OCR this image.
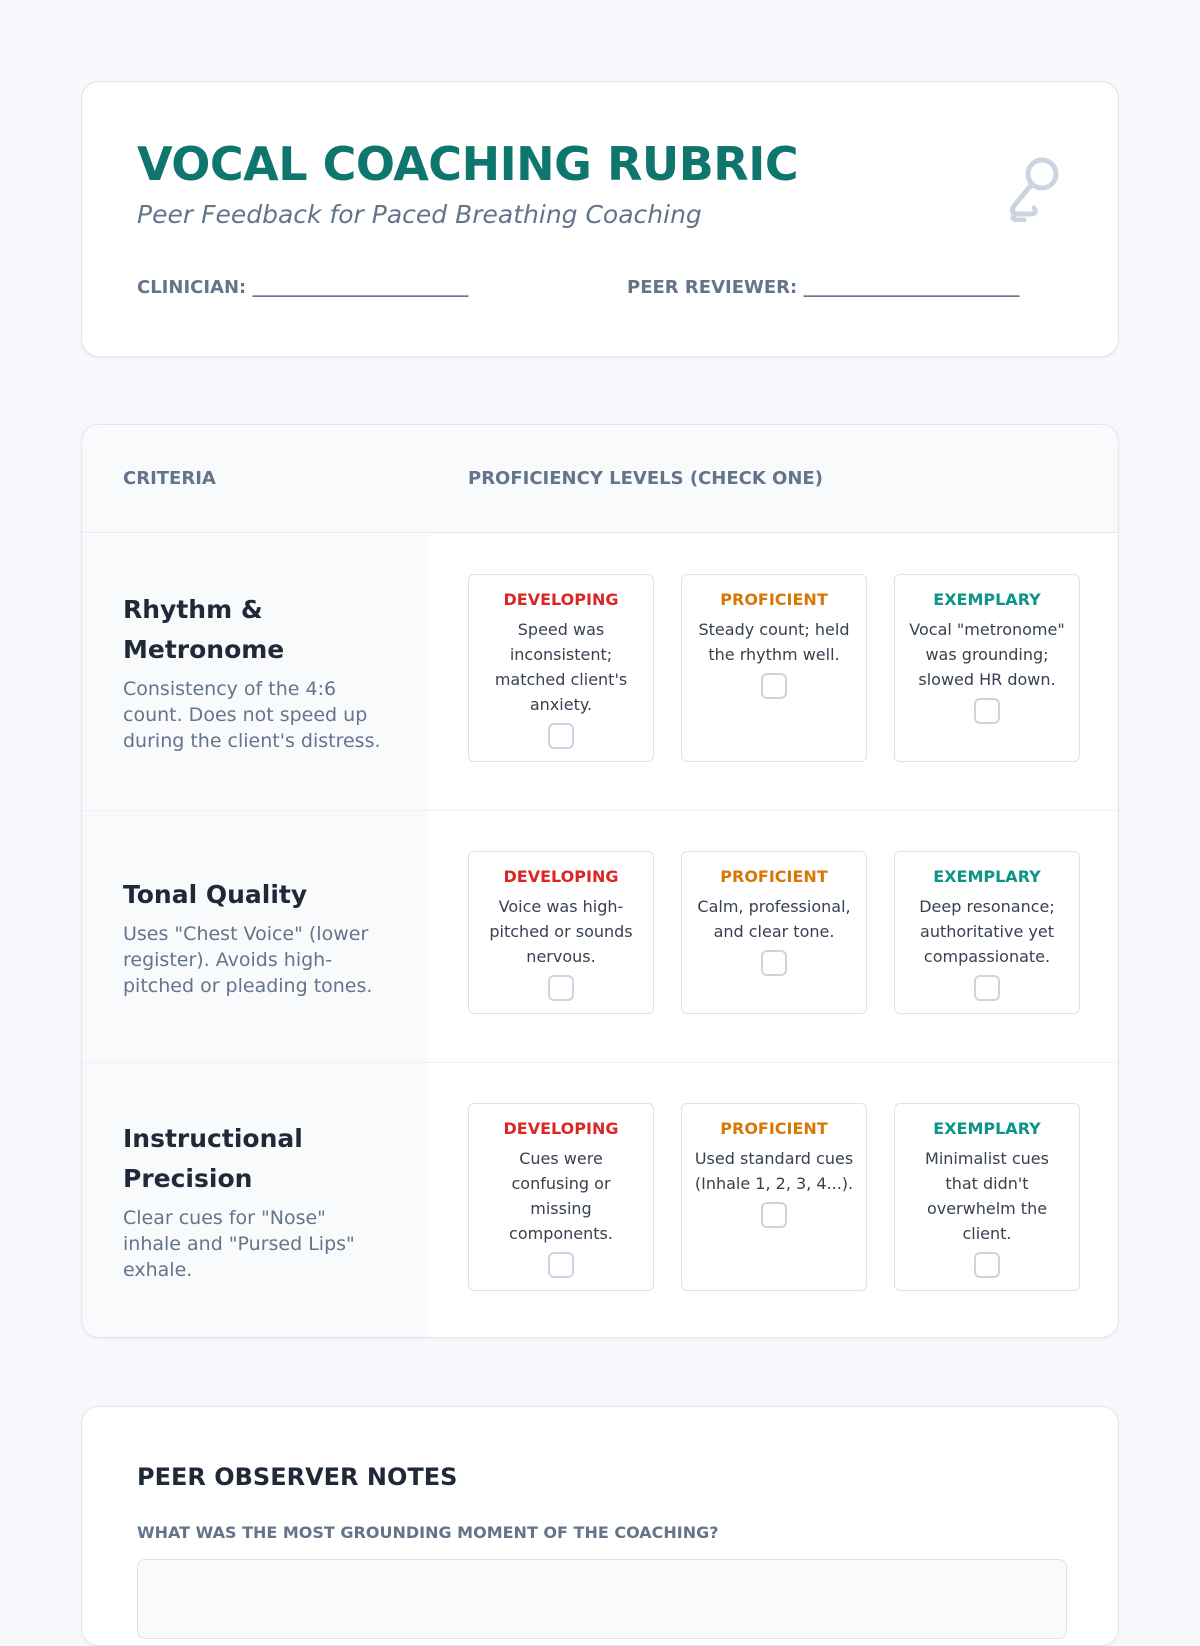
VOCAL COACHING RUBRIC
Peer Feedback for Paced Breathing Coaching
CLINICIAN: ________________________	PEER REVIEWER: ________________________
CRITERIA	PROFICIENCY LEVELS (CHECK ONE)
Rhythm & Metronome
Consistency of the 4:6 count. Does not speed up during the client's distress.
DEVELOPING
Speed was inconsistent; matched client's anxiety.
PROFICIENT
Steady count; held the rhythm well.
EXEMPLARY
Vocal "metronome" was grounding; slowed HR down.
Tonal Quality
Uses "Chest Voice" (lower register). Avoids high-pitched or pleading tones.
DEVELOPING
Voice was high-pitched or sounds nervous.
PROFICIENT
Calm, professional, and clear tone.
EXEMPLARY
Deep resonance; authoritative yet compassionate.
Instructional Precision
Clear cues for "Nose" inhale and "Pursed Lips" exhale.
DEVELOPING
Cues were confusing or missing components.
PROFICIENT
Used standard cues (Inhale 1, 2, 3, 4...).
EXEMPLARY
Minimalist cues that didn't overwhelm the client.
PEER OBSERVER NOTES
WHAT WAS THE MOST GROUNDING MOMENT OF THE COACHING?
